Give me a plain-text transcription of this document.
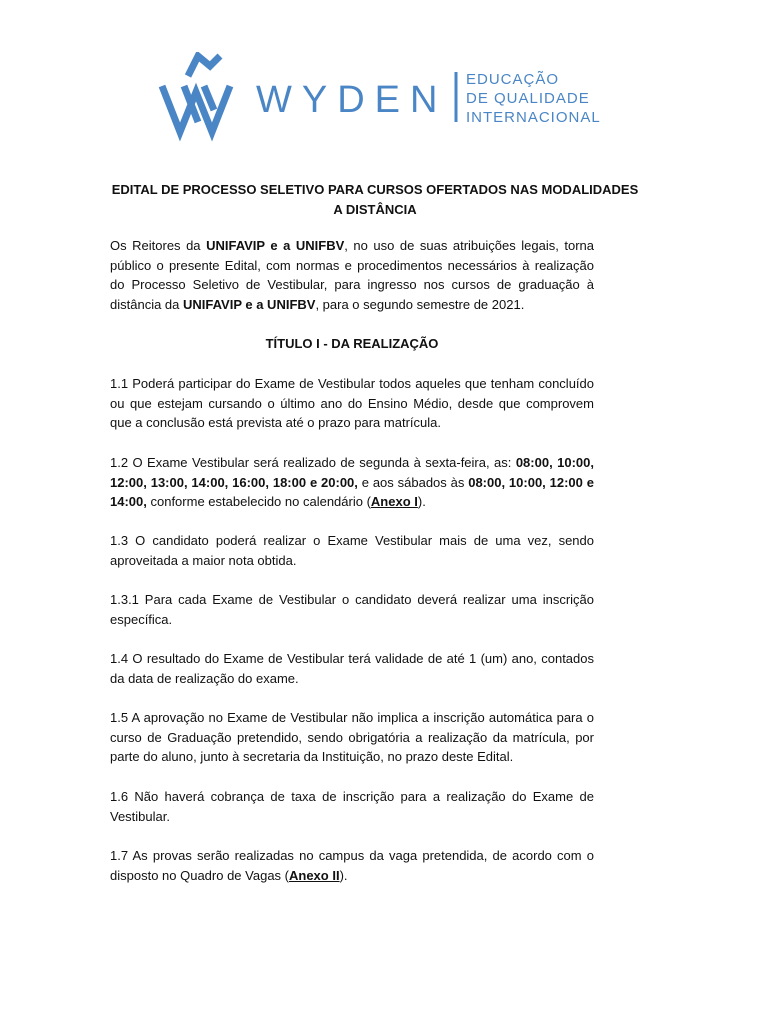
WYDEN EDUCAÇÃO
DE QUALIDADE
INTERNACIONAL
EDITAL DE PROCESSO SELETIVO PARA CURSOS OFERTADOS NAS MODALIDADES A DISTÂNCIA
Os Reitores da UNIFAVIP e a UNIFBV, no uso de suas atribuições legais, torna público o presente Edital, com normas e procedimentos necessários à realização do Processo Seletivo de Vestibular, para ingresso nos cursos de graduação à distância da UNIFAVIP e a UNIFBV, para o segundo semestre de 2021.
TÍTULO I - DA REALIZAÇÃO
1.1 Poderá participar do Exame de Vestibular todos aqueles que tenham concluído ou que estejam cursando o último ano do Ensino Médio, desde que comprovem que a conclusão está prevista até o prazo para matrícula.
1.2 O Exame Vestibular será realizado de segunda à sexta-feira, as: 08:00, 10:00, 12:00, 13:00, 14:00, 16:00, 18:00 e 20:00, e aos sábados às 08:00, 10:00, 12:00 e 14:00, conforme estabelecido no calendário (Anexo I).
1.3 O candidato poderá realizar o Exame Vestibular mais de uma vez, sendo aproveitada a maior nota obtida.
1.3.1 Para cada Exame de Vestibular o candidato deverá realizar uma inscrição específica.
1.4 O resultado do Exame de Vestibular terá validade de até 1 (um) ano, contados da data de realização do exame.
1.5 A aprovação no Exame de Vestibular não implica a inscrição automática para o curso de Graduação pretendido, sendo obrigatória a realização da matrícula, por parte do aluno, junto à secretaria da Instituição, no prazo deste Edital.
1.6 Não haverá cobrança de taxa de inscrição para a realização do Exame de Vestibular.
1.7 As provas serão realizadas no campus da vaga pretendida, de acordo com o disposto no Quadro de Vagas (Anexo II).
